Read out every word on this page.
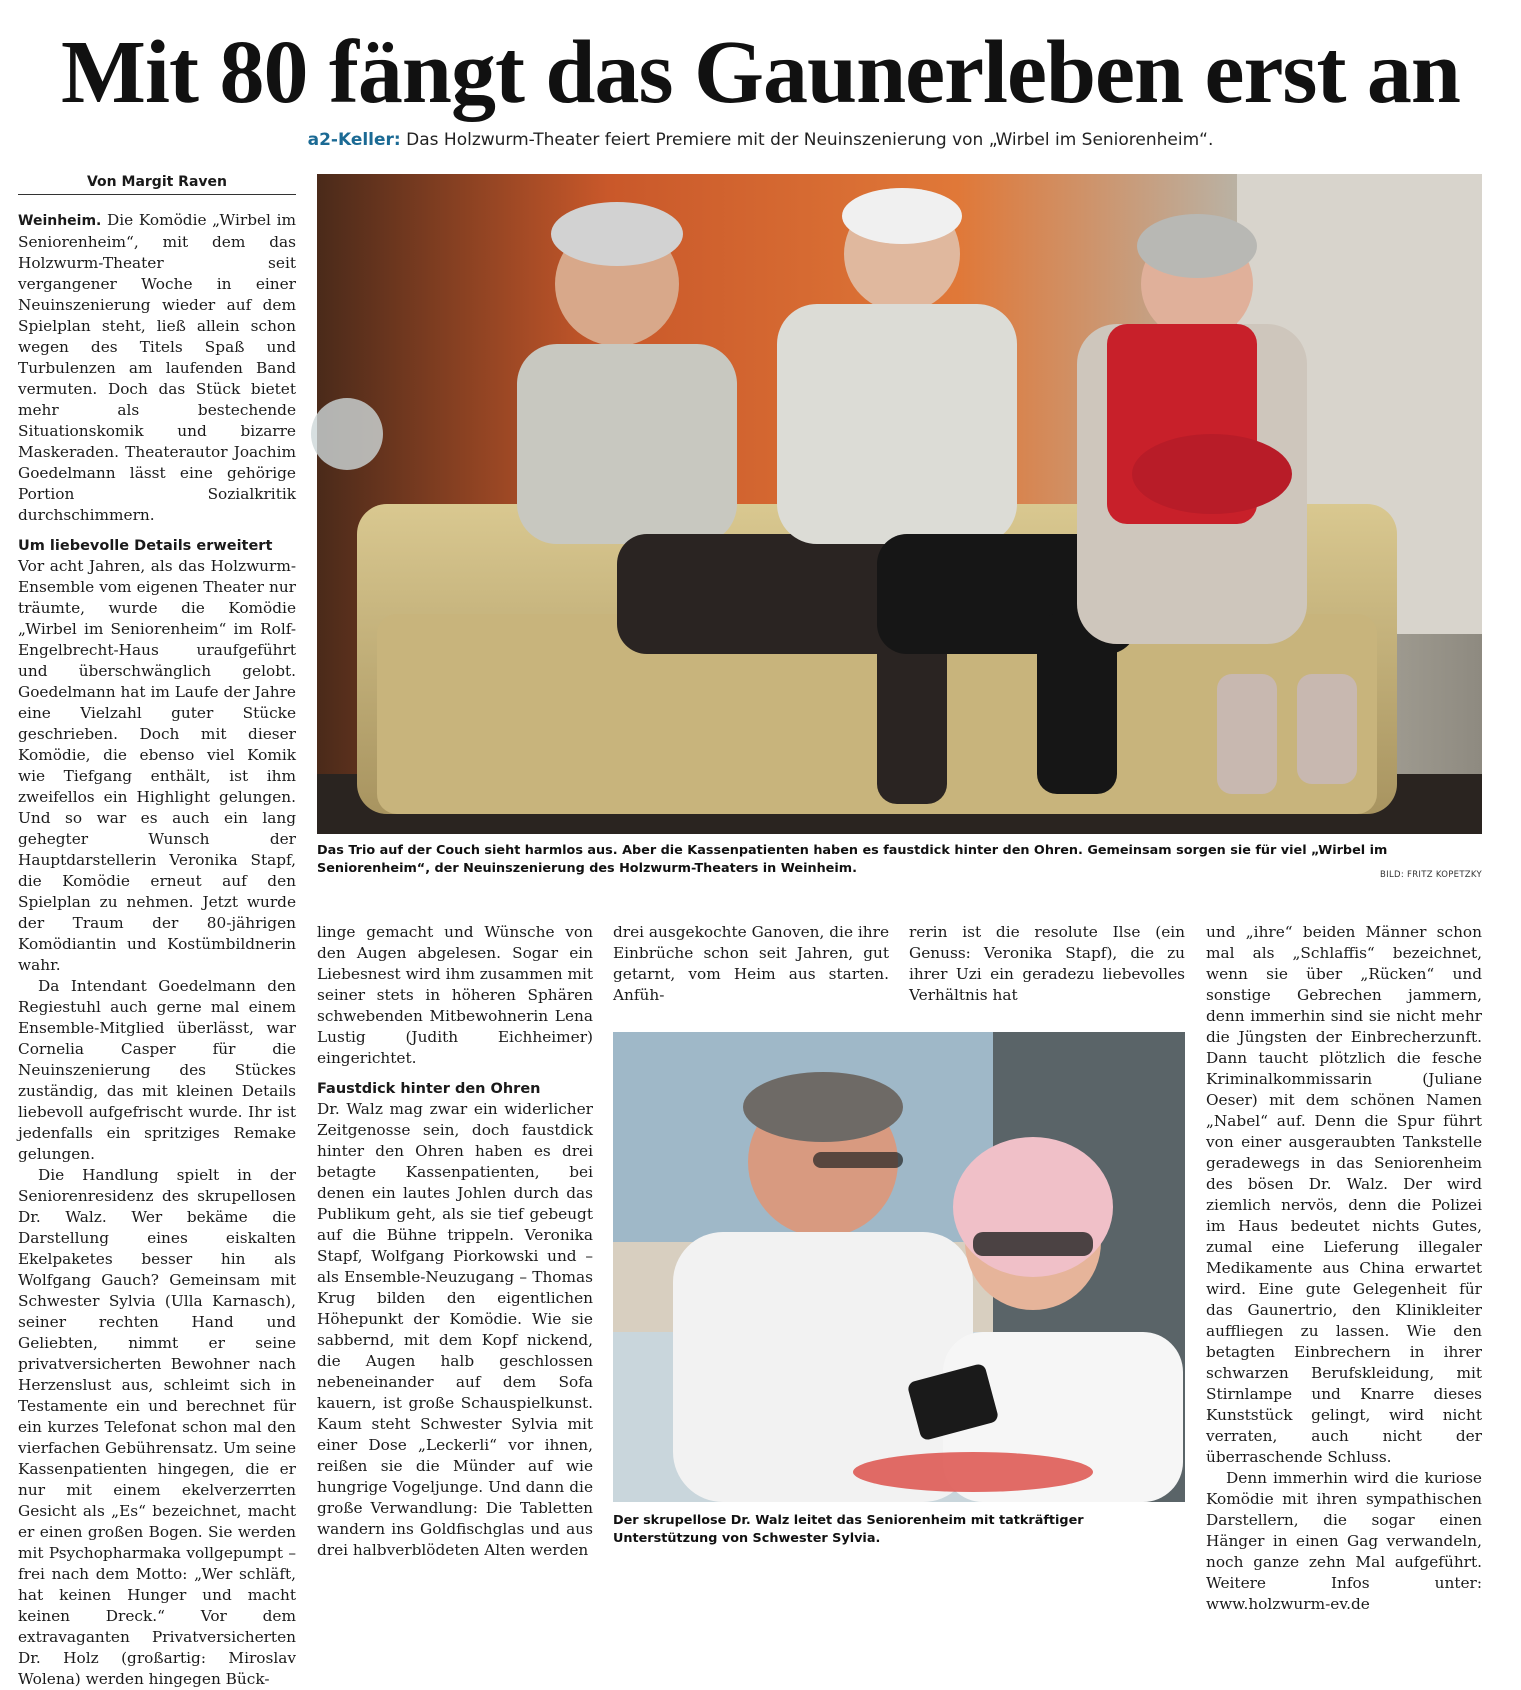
Mit 80 fängt das Gaunerleben erst an
a2-Keller: Das Holzwurm-Theater feiert Premiere mit der Neuinszenierung von „Wirbel im Seniorenheim“.
Von Margit Raven

Weinheim. Die Komödie „Wirbel im Seniorenheim“, mit dem das Holzwurm-Theater seit vergangener Woche in einer Neuinszenierung wieder auf dem Spielplan steht, ließ allein schon wegen des Titels Spaß und Turbulenzen am laufenden Band vermuten. Doch das Stück bietet mehr als bestechende Situationskomik und bizarre Maskeraden. Theaterautor Joachim Goedelmann lässt eine gehörige Portion Sozialkritik durchschimmern.

Um liebevolle Details erweitert

Vor acht Jahren, als das Holzwurm-Ensemble vom eigenen Theater nur träumte, wurde die Komödie „Wirbel im Seniorenheim“ im Rolf-Engelbrecht-Haus uraufgeführt und überschwänglich gelobt. Goedelmann hat im Laufe der Jahre eine Vielzahl guter Stücke geschrieben. Doch mit dieser Komödie, die ebenso viel Komik wie Tiefgang enthält, ist ihm zweifellos ein Highlight gelungen. Und so war es auch ein lang gehegter Wunsch der Hauptdarstellerin Veronika Stapf, die Komödie erneut auf den Spielplan zu nehmen. Jetzt wurde der Traum der 80-jährigen Komödiantin und Kostümbildnerin wahr.

Da Intendant Goedelmann den Regiestuhl auch gerne mal einem Ensemble-Mitglied überlässt, war Cornelia Casper für die Neuinszenierung des Stückes zuständig, das mit kleinen Details liebevoll aufgefrischt wurde. Ihr ist jedenfalls ein spritziges Remake gelungen.

Die Handlung spielt in der Seniorenresidenz des skrupellosen Dr. Walz. Wer bekäme die Darstellung eines eiskalten Ekelpaketes besser hin als Wolfgang Gauch? Gemeinsam mit Schwester Sylvia (Ulla Karnasch), seiner rechten Hand und Geliebten, nimmt er seine privatversicherten Bewohner nach Herzenslust aus, schleimt sich in Testamente ein und berechnet für ein kurzes Telefonat schon mal den vierfachen Gebührensatz. Um seine Kassenpatienten hingegen, die er nur mit einem ekelverzerrten Gesicht als „Es“ bezeichnet, macht er einen großen Bogen. Sie werden mit Psychopharmaka vollgepumpt – frei nach dem Motto: „Wer schläft, hat keinen Hunger und macht keinen Dreck.“ Vor dem extravaganten Privatversicherten Dr. Holz (großartig: Miroslav Wolena) werden hingegen Bück-

Das Trio auf der Couch sieht harmlos aus. Aber die Kassenpatienten haben es faustdick hinter den Ohren. Gemeinsam sorgen sie für viel „Wirbel im Seniorenheim“, der Neuinszenierung des Holzwurm-Theaters in Weinheim.	BILD: FRITZ KOPETZKY

linge gemacht und Wünsche von den Augen abgelesen. Sogar ein Liebesnest wird ihm zusammen mit seiner stets in höheren Sphären schwebenden Mitbewohnerin Lena Lustig (Judith Eichheimer) eingerichtet.

Faustdick hinter den Ohren

Dr. Walz mag zwar ein widerlicher Zeitgenosse sein, doch faustdick hinter den Ohren haben es drei betagte Kassenpatienten, bei denen ein lautes Johlen durch das Publikum geht, als sie tief gebeugt auf die Bühne trippeln. Veronika Stapf, Wolfgang Piorkowski und – als Ensemble-Neuzugang – Thomas Krug bilden den eigentlichen Höhepunkt der Komödie. Wie sie sabbernd, mit dem Kopf nickend, die Augen halb geschlossen nebeneinander auf dem Sofa kauern, ist große Schauspielkunst. Kaum steht Schwester Sylvia mit einer Dose „Leckerli“ vor ihnen, reißen sie die Münder auf wie hungrige Vogeljunge. Und dann die große Verwandlung: Die Tabletten wandern ins Goldfischglas und aus drei halbverblödeten Alten werden

drei ausgekochte Ganoven, die ihre Einbrüche schon seit Jahren, gut getarnt, vom Heim aus starten. Anfüh-

rerin ist die resolute Ilse (ein Genuss: Veronika Stapf), die zu ihrer Uzi ein geradezu liebevolles Verhältnis hat

Der skrupellose Dr. Walz leitet das Seniorenheim mit tatkräftiger Unterstützung von Schwester Sylvia.

und „ihre“ beiden Männer schon mal als „Schlaffis“ bezeichnet, wenn sie über „Rücken“ und sonstige Gebrechen jammern, denn immerhin sind sie nicht mehr die Jüngsten der Einbrecherzunft. Dann taucht plötzlich die fesche Kriminalkommissarin (Juliane Oeser) mit dem schönen Namen „Nabel“ auf. Denn die Spur führt von einer ausgeraubten Tankstelle geradewegs in das Seniorenheim des bösen Dr. Walz. Der wird ziemlich nervös, denn die Polizei im Haus bedeutet nichts Gutes, zumal eine Lieferung illegaler Medikamente aus China erwartet wird. Eine gute Gelegenheit für das Gaunertrio, den Klinikleiter auffliegen zu lassen. Wie den betagten Einbrechern in ihrer schwarzen Berufskleidung, mit Stirnlampe und Knarre dieses Kunststück gelingt, wird nicht verraten, auch nicht der überraschende Schluss.

Denn immerhin wird die kuriose Komödie mit ihren sympathischen Darstellern, die sogar einen Hänger in einen Gag verwandeln, noch ganze zehn Mal aufgeführt. Weitere Infos unter: www.holzwurm-ev.de
